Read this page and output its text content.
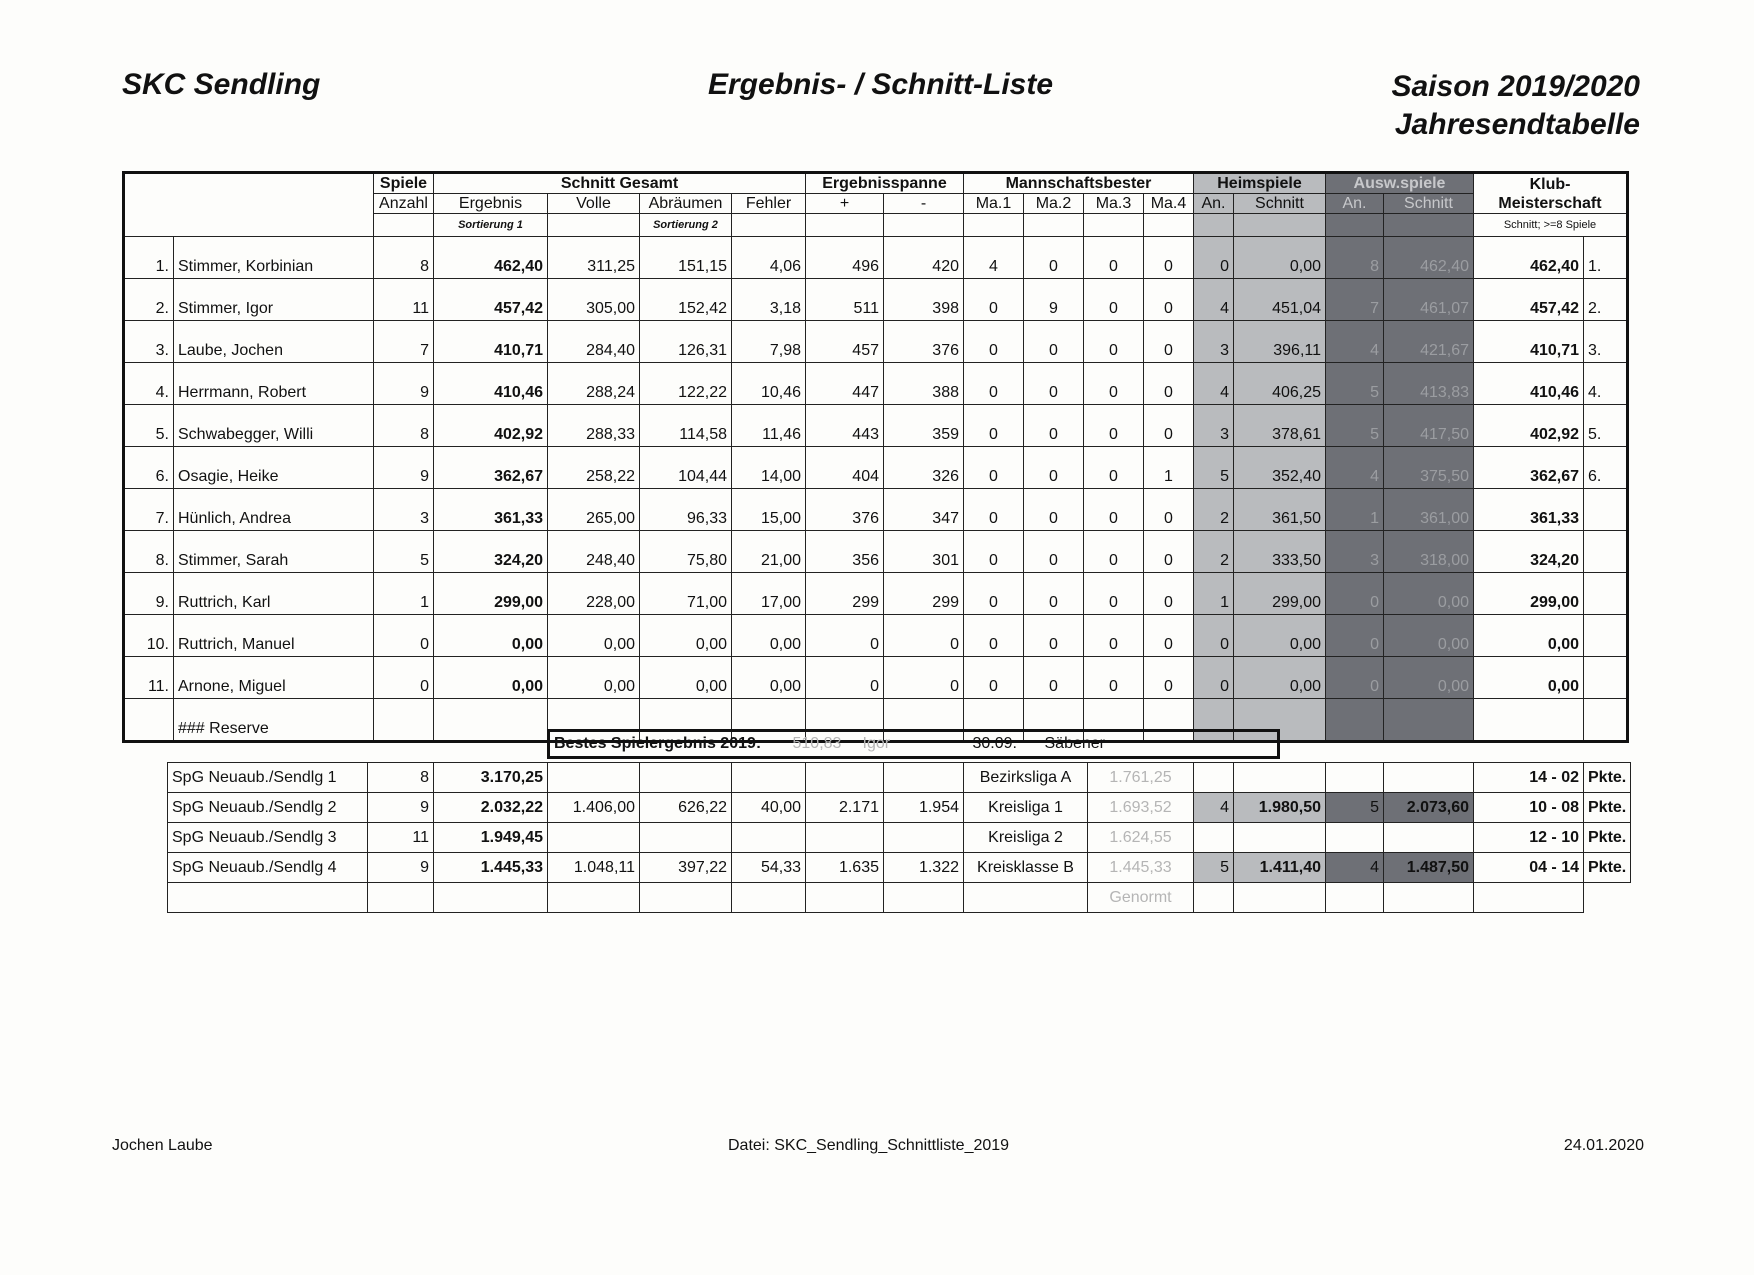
SKC Sendling	Ergebnis- / Schnitt-Liste	Saison 2019/2020
Jahresendtabelle
		Spiele	Schnitt Gesamt				Ergebnisspanne		Mannschaftsbester				Heimspiele		Ausw.spiele		Klub-
Meisterschaft	

		Anzahl	Ergebnis	Volle	Abräumen	Fehler	+	-	Ma.1	Ma.2	Ma.3	Ma.4	An.	Schnitt	An.	Schnitt		
			Sortierung 1		Sortierung 2												Schnitt; >=8 Spiele	
1.	Stimmer, Korbinian	8	462,40	311,25	151,15	4,06	496	420	4	0	0	0	0	0,00	8	462,40	462,40	1.
2.	Stimmer, Igor	11	457,42	305,00	152,42	3,18	511	398	0	9	0	0	4	451,04	7	461,07	457,42	2.
3.	Laube, Jochen	7	410,71	284,40	126,31	7,98	457	376	0	0	0	0	3	396,11	4	421,67	410,71	3.
4.	Herrmann, Robert	9	410,46	288,24	122,22	10,46	447	388	0	0	0	0	4	406,25	5	413,83	410,46	4.
5.	Schwabegger, Willi	8	402,92	288,33	114,58	11,46	443	359	0	0	0	0	3	378,61	5	417,50	402,92	5.
6.	Osagie, Heike	9	362,67	258,22	104,44	14,00	404	326	0	0	0	1	5	352,40	4	375,50	362,67	6.
7.	Hünlich, Andrea	3	361,33	265,00	96,33	15,00	376	347	0	0	0	0	2	361,50	1	361,00	361,33	
8.	Stimmer, Sarah	5	324,20	248,40	75,80	21,00	356	301	0	0	0	0	2	333,50	3	318,00	324,20	
9.	Ruttrich, Karl	1	299,00	228,00	71,00	17,00	299	299	0	0	0	0	1	299,00	0	0,00	299,00	
10.	Ruttrich, Manuel	0	0,00	0,00	0,00	0,00	0	0	0	0	0	0	0	0,00	0	0,00	0,00	
11.	Arnone, Miguel	0	0,00	0,00	0,00	0,00	0	0	0	0	0	0	0	0,00	0	0,00	0,00	
	### Reserve																	
Bestes Spielergebnis 2019:	510,83	Igor	30.09.	Säbener
SpG Neuaub./Sendlg 1	8	3.170,25						Bezirksliga A	1.761,25					14 - 02	Pkte.
SpG Neuaub./Sendlg 2	9	2.032,22	1.406,00	626,22	40,00	2.171	1.954	Kreisliga 1	1.693,52	4	1.980,50	5	2.073,60	10 - 08	Pkte.
SpG Neuaub./Sendlg 3	11	1.949,45						Kreisliga 2	1.624,55					12 - 10	Pkte.
SpG Neuaub./Sendlg 4	9	1.445,33	1.048,11	397,22	54,33	1.635	1.322	Kreisklasse B	1.445,33	5	1.411,40	4	1.487,50	04 - 14	Pkte.
									Genormt						
Jochen Laube	Datei: SKC_Sendling_Schnittliste_2019	24.01.2020
